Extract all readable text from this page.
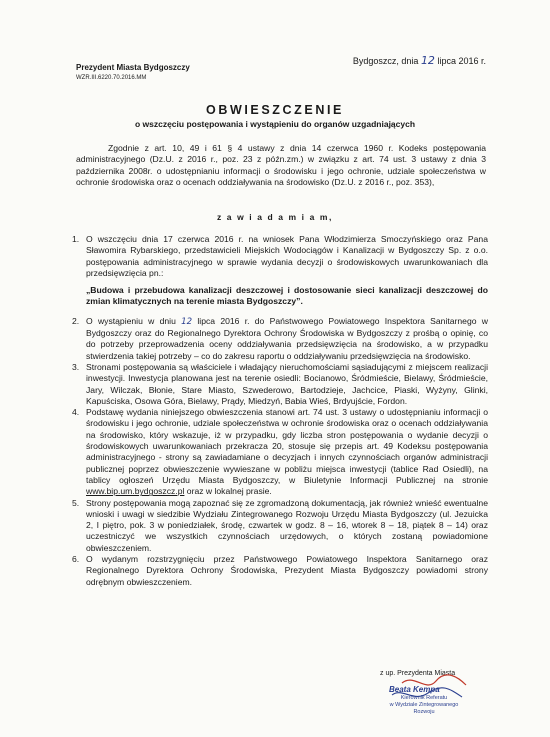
Bydgoszcz, dnia 12 lipca 2016 r.
Prezydent Miasta Bydgoszczy
WZR.III.6220.70.2016.MM
OBWIESZCZENIE
o wszczęciu postępowania i wystąpieniu do organów uzgadniających
Zgodnie z art. 10, 49 i 61 § 4 ustawy z dnia 14 czerwca 1960 r. Kodeks postępowania administracyjnego (Dz.U. z 2016 r., poz. 23 z późn.zm.) w związku z art. 74 ust. 3 ustawy z dnia 3 października 2008r. o udostępnianiu informacji o środowisku i jego ochronie, udziale społeczeństwa w ochronie środowiska oraz o ocenach oddziaływania na środowisko (Dz.U. z 2016 r., poz. 353),
z a w i a d a m i a m,
1. O wszczęciu dnia 17 czerwca 2016 r. na wniosek Pana Włodzimierza Smoczyńskiego oraz Pana Sławomira Rybarskiego, przedstawicieli Miejskich Wodociągów i Kanalizacji w Bydgoszczy Sp. z o.o. postępowania administracyjnego w sprawie wydania decyzji o środowiskowych uwarunkowaniach dla przedsięwzięcia pn.:
„Budowa i przebudowa kanalizacji deszczowej i dostosowanie sieci kanalizacji deszczowej do zmian klimatycznych na terenie miasta Bydgoszczy”.
2. O wystąpieniu w dniu 12 lipca 2016 r. do Państwowego Powiatowego Inspektora Sanitarnego w Bydgoszczy oraz do Regionalnego Dyrektora Ochrony Środowiska w Bydgoszczy z prośbą o opinię, co do potrzeby przeprowadzenia oceny oddziaływania przedsięwzięcia na środowisko, a w przypadku stwierdzenia takiej potrzeby – co do zakresu raportu o oddziaływaniu przedsięwzięcia na środowisko.
3. Stronami postępowania są właściciele i władający nieruchomościami sąsiadującymi z miejscem realizacji inwestycji. Inwestycja planowana jest na terenie osiedli: Bocianowo, Śródmieście, Bielawy, Śródmieście, Jary, Wilczak, Błonie, Stare Miasto, Szwederowo, Bartodzieje, Jachcice, Piaski, Wyżyny, Glinki, Kapuściska, Osowa Góra, Bielawy, Prądy, Miedzyń, Babia Wieś, Brdyujście, Fordon.
4. Podstawę wydania niniejszego obwieszczenia stanowi art. 74 ust. 3 ustawy o udostępnianiu informacji o środowisku i jego ochronie, udziale społeczeństwa w ochronie środowiska oraz o ocenach oddziaływania na środowisko, który wskazuje, iż w przypadku, gdy liczba stron postępowania o wydanie decyzji o środowiskowych uwarunkowaniach przekracza 20, stosuje się przepis art. 49 Kodeksu postępowania administracyjnego - strony są zawiadamiane o decyzjach i innych czynnościach organów administracji publicznej poprzez obwieszczenie wywieszane w pobliżu miejsca inwestycji (tablice Rad Osiedli), na tablicy ogłoszeń Urzędu Miasta Bydgoszczy, w Biuletynie Informacji Publicznej na stronie www.bip.um.bydgoszcz.pl oraz w lokalnej prasie.
5. Strony postępowania mogą zapoznać się ze zgromadzoną dokumentacją, jak również wnieść ewentualne wnioski i uwagi w siedzibie Wydziału Zintegrowanego Rozwoju Urzędu Miasta Bydgoszczy (ul. Jezuicka 2, I piętro, pok. 3 w poniedziałek, środę, czwartek w godz. 8 – 16, wtorek 8 – 18, piątek 8 – 14) oraz uczestniczyć we wszystkich czynnościach urzędowych, o których zostaną powiadomione obwieszczeniem.
6. O wydanym rozstrzygnięciu przez Państwowego Powiatowego Inspektora Sanitarnego oraz Regionalnego Dyrektora Ochrony Środowiska, Prezydent Miasta Bydgoszczy powiadomi strony odrębnym obwieszczeniem.
z up. Prezydenta Miasta
Beata Kempa
Kierownik Referatu
w Wydziale Zintegrowanego Rozwoju
